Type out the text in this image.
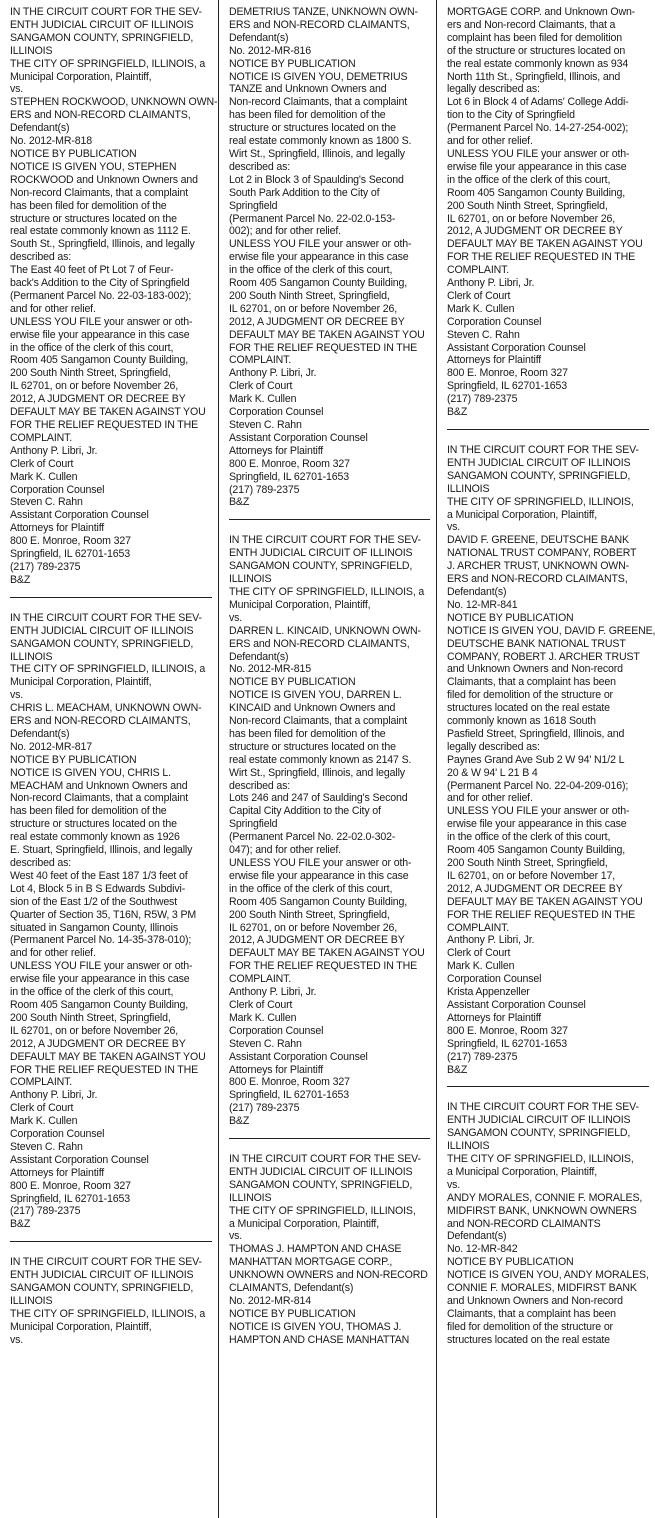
IN THE CIRCUIT COURT FOR THE SEV-
ENTH JUDICIAL CIRCUIT OF ILLINOIS
SANGAMON COUNTY, SPRINGFIELD,
ILLINOIS
THE CITY OF SPRINGFIELD, ILLINOIS, a
Municipal Corporation, Plaintiff,
vs.
STEPHEN ROCKWOOD, UNKNOWN OWN-
ERS and NON-RECORD CLAIMANTS,
Defendant(s)
No. 2012-MR-818
NOTICE BY PUBLICATION
NOTICE IS GIVEN YOU, STEPHEN
ROCKWOOD and Unknown Owners and
Non-record Claimants, that a complaint
has been filed for demolition of the
structure or structures located on the
real estate commonly known as 1112 E.
South St., Springfield, Illinois, and legally
described as:
The East 40 feet of Pt Lot 7 of Feur-
back's Addition to the City of Springfield
(Permanent Parcel No. 22-03-183-002);
and for other relief.
UNLESS YOU FILE your answer or oth-
erwise file your appearance in this case
in the office of the clerk of this court,
Room 405 Sangamon County Building,
200 South Ninth Street, Springfield,
IL 62701, on or before November 26,
2012, A JUDGMENT OR DECREE BY
DEFAULT MAY BE TAKEN AGAINST YOU
FOR THE RELIEF REQUESTED IN THE
COMPLAINT.
Anthony P. Libri, Jr.
Clerk of Court
Mark K. Cullen
Corporation Counsel
Steven C. Rahn
Assistant Corporation Counsel
Attorneys for Plaintiff
800 E. Monroe, Room 327
Springfield, IL 62701-1653
(217) 789-2375
B&Z
IN THE CIRCUIT COURT FOR THE SEV-
ENTH JUDICIAL CIRCUIT OF ILLINOIS
SANGAMON COUNTY, SPRINGFIELD,
ILLINOIS
THE CITY OF SPRINGFIELD, ILLINOIS, a
Municipal Corporation, Plaintiff,
vs.
CHRIS L. MEACHAM, UNKNOWN OWN-
ERS and NON-RECORD CLAIMANTS,
Defendant(s)
No. 2012-MR-817
NOTICE BY PUBLICATION
NOTICE IS GIVEN YOU, CHRIS L.
MEACHAM and Unknown Owners and
Non-record Claimants, that a complaint
has been filed for demolition of the
structure or structures located on the
real estate commonly known as 1926
E. Stuart, Springfield, Illinois, and legally
described as:
West 40 feet of the East 187 1/3 feet of
Lot 4, Block 5 in B S Edwards Subdivi-
sion of the East 1/2 of the Southwest
Quarter of Section 35, T16N, R5W, 3 PM
situated in Sangamon County, Illinois
(Permanent Parcel No. 14-35-378-010);
and for other relief.
UNLESS YOU FILE your answer or oth-
erwise file your appearance in this case
in the office of the clerk of this court,
Room 405 Sangamon County Building,
200 South Ninth Street, Springfield,
IL 62701, on or before November 26,
2012, A JUDGMENT OR DECREE BY
DEFAULT MAY BE TAKEN AGAINST YOU
FOR THE RELIEF REQUESTED IN THE
COMPLAINT.
Anthony P. Libri, Jr.
Clerk of Court
Mark K. Cullen
Corporation Counsel
Steven C. Rahn
Assistant Corporation Counsel
Attorneys for Plaintiff
800 E. Monroe, Room 327
Springfield, IL 62701-1653
(217) 789-2375
B&Z
IN THE CIRCUIT COURT FOR THE SEV-
ENTH JUDICIAL CIRCUIT OF ILLINOIS
SANGAMON COUNTY, SPRINGFIELD,
ILLINOIS
THE CITY OF SPRINGFIELD, ILLINOIS, a
Municipal Corporation, Plaintiff,
vs.
DEMETRIUS TANZE, UNKNOWN OWN-
ERS and NON-RECORD CLAIMANTS,
Defendant(s)
No. 2012-MR-816
NOTICE BY PUBLICATION
NOTICE IS GIVEN YOU, DEMETRIUS
TANZE and Unknown Owners and
Non-record Claimants, that a complaint
has been filed for demolition of the
structure or structures located on the
real estate commonly known as 1800 S.
Wirt St., Springfield, Illinois, and legally
described as:
Lot 2 in Block 3 of Spaulding's Second
South Park Addition to the City of
Springfield
(Permanent Parcel No. 22-02.0-153-
002); and for other relief.
UNLESS YOU FILE your answer or oth-
erwise file your appearance in this case
in the office of the clerk of this court,
Room 405 Sangamon County Building,
200 South Ninth Street, Springfield,
IL 62701, on or before November 26,
2012, A JUDGMENT OR DECREE BY
DEFAULT MAY BE TAKEN AGAINST YOU
FOR THE RELIEF REQUESTED IN THE
COMPLAINT.
Anthony P. Libri, Jr.
Clerk of Court
Mark K. Cullen
Corporation Counsel
Steven C. Rahn
Assistant Corporation Counsel
Attorneys for Plaintiff
800 E. Monroe, Room 327
Springfield, IL 62701-1653
(217) 789-2375
B&Z
IN THE CIRCUIT COURT FOR THE SEV-
ENTH JUDICIAL CIRCUIT OF ILLINOIS
SANGAMON COUNTY, SPRINGFIELD,
ILLINOIS
THE CITY OF SPRINGFIELD, ILLINOIS, a
Municipal Corporation, Plaintiff,
vs.
DARREN L. KINCAID, UNKNOWN OWN-
ERS and NON-RECORD CLAIMANTS,
Defendant(s)
No. 2012-MR-815
NOTICE BY PUBLICATION
NOTICE IS GIVEN YOU, DARREN L.
KINCAID and Unknown Owners and
Non-record Claimants, that a complaint
has been filed for demolition of the
structure or structures located on the
real estate commonly known as 2147 S.
Wirt St., Springfield, Illinois, and legally
described as:
Lots 246 and 247 of Saulding's Second
Capital City Addition to the City of
Springfield
(Permanent Parcel No. 22-02.0-302-
047); and for other relief.
UNLESS YOU FILE your answer or oth-
erwise file your appearance in this case
in the office of the clerk of this court,
Room 405 Sangamon County Building,
200 South Ninth Street, Springfield,
IL 62701, on or before November 26,
2012, A JUDGMENT OR DECREE BY
DEFAULT MAY BE TAKEN AGAINST YOU
FOR THE RELIEF REQUESTED IN THE
COMPLAINT.
Anthony P. Libri, Jr.
Clerk of Court
Mark K. Cullen
Corporation Counsel
Steven C. Rahn
Assistant Corporation Counsel
Attorneys for Plaintiff
800 E. Monroe, Room 327
Springfield, IL 62701-1653
(217) 789-2375
B&Z
IN THE CIRCUIT COURT FOR THE SEV-
ENTH JUDICIAL CIRCUIT OF ILLINOIS
SANGAMON COUNTY, SPRINGFIELD,
ILLINOIS
THE CITY OF SPRINGFIELD, ILLINOIS,
a Municipal Corporation, Plaintiff,
vs.
THOMAS J. HAMPTON AND CHASE
MANHATTAN MORTGAGE CORP.,
UNKNOWN OWNERS and NON-RECORD
CLAIMANTS, Defendant(s)
No. 2012-MR-814
NOTICE BY PUBLICATION
NOTICE IS GIVEN YOU, THOMAS J.
HAMPTON AND CHASE MANHATTAN
MORTGAGE CORP. and Unknown Own-
ers and Non-record Claimants, that a
complaint has been filed for demolition
of the structure or structures located on
the real estate commonly known as 934
North 11th St., Springfield, Illinois, and
legally described as:
Lot 6 in Block 4 of Adams' College Addi-
tion to the City of Springfield
(Permanent Parcel No. 14-27-254-002);
and for other relief.
UNLESS YOU FILE your answer or oth-
erwise file your appearance in this case
in the office of the clerk of this court,
Room 405 Sangamon County Building,
200 South Ninth Street, Springfield,
IL 62701, on or before November 26,
2012, A JUDGMENT OR DECREE BY
DEFAULT MAY BE TAKEN AGAINST YOU
FOR THE RELIEF REQUESTED IN THE
COMPLAINT.
Anthony P. Libri, Jr.
Clerk of Court
Mark K. Cullen
Corporation Counsel
Steven C. Rahn
Assistant Corporation Counsel
Attorneys for Plaintiff
800 E. Monroe, Room 327
Springfield, IL 62701-1653
(217) 789-2375
B&Z
IN THE CIRCUIT COURT FOR THE SEV-
ENTH JUDICIAL CIRCUIT OF ILLINOIS
SANGAMON COUNTY, SPRINGFIELD,
ILLINOIS
THE CITY OF SPRINGFIELD, ILLINOIS,
a Municipal Corporation, Plaintiff,
vs.
DAVID F. GREENE, DEUTSCHE BANK
NATIONAL TRUST COMPANY, ROBERT
J. ARCHER TRUST, UNKNOWN OWN-
ERS and NON-RECORD CLAIMANTS,
Defendant(s)
No. 12-MR-841
NOTICE BY PUBLICATION
NOTICE IS GIVEN YOU, DAVID F. GREENE,
DEUTSCHE BANK NATIONAL TRUST
COMPANY, ROBERT J. ARCHER TRUST
and Unknown Owners and Non-record
Claimants, that a complaint has been
filed for demolition of the structure or
structures located on the real estate
commonly known as 1618 South
Pasfield Street, Springfield, Illinois, and
legally described as:
Paynes Grand Ave Sub 2 W 94' N1/2 L
20 & W 94' L 21 B 4
(Permanent Parcel No. 22-04-209-016);
and for other relief.
UNLESS YOU FILE your answer or oth-
erwise file your appearance in this case
in the office of the clerk of this court,
Room 405 Sangamon County Building,
200 South Ninth Street, Springfield,
IL 62701, on or before November 17,
2012, A JUDGMENT OR DECREE BY
DEFAULT MAY BE TAKEN AGAINST YOU
FOR THE RELIEF REQUESTED IN THE
COMPLAINT.
Anthony P. Libri, Jr.
Clerk of Court
Mark K. Cullen
Corporation Counsel
Krista Appenzeller
Assistant Corporation Counsel
Attorneys for Plaintiff
800 E. Monroe, Room 327
Springfield, IL 62701-1653
(217) 789-2375
B&Z
IN THE CIRCUIT COURT FOR THE SEV-
ENTH JUDICIAL CIRCUIT OF ILLINOIS
SANGAMON COUNTY, SPRINGFIELD,
ILLINOIS
THE CITY OF SPRINGFIELD, ILLINOIS,
a Municipal Corporation, Plaintiff,
vs.
ANDY MORALES, CONNIE F. MORALES,
MIDFIRST BANK, UNKNOWN OWNERS
and NON-RECORD CLAIMANTS
Defendant(s)
No. 12-MR-842
NOTICE BY PUBLICATION
NOTICE IS GIVEN YOU, ANDY MORALES,
CONNIE F. MORALES, MIDFIRST BANK
and Unknown Owners and Non-record
Claimants, that a complaint has been
filed for demolition of the structure or
structures located on the real estate
